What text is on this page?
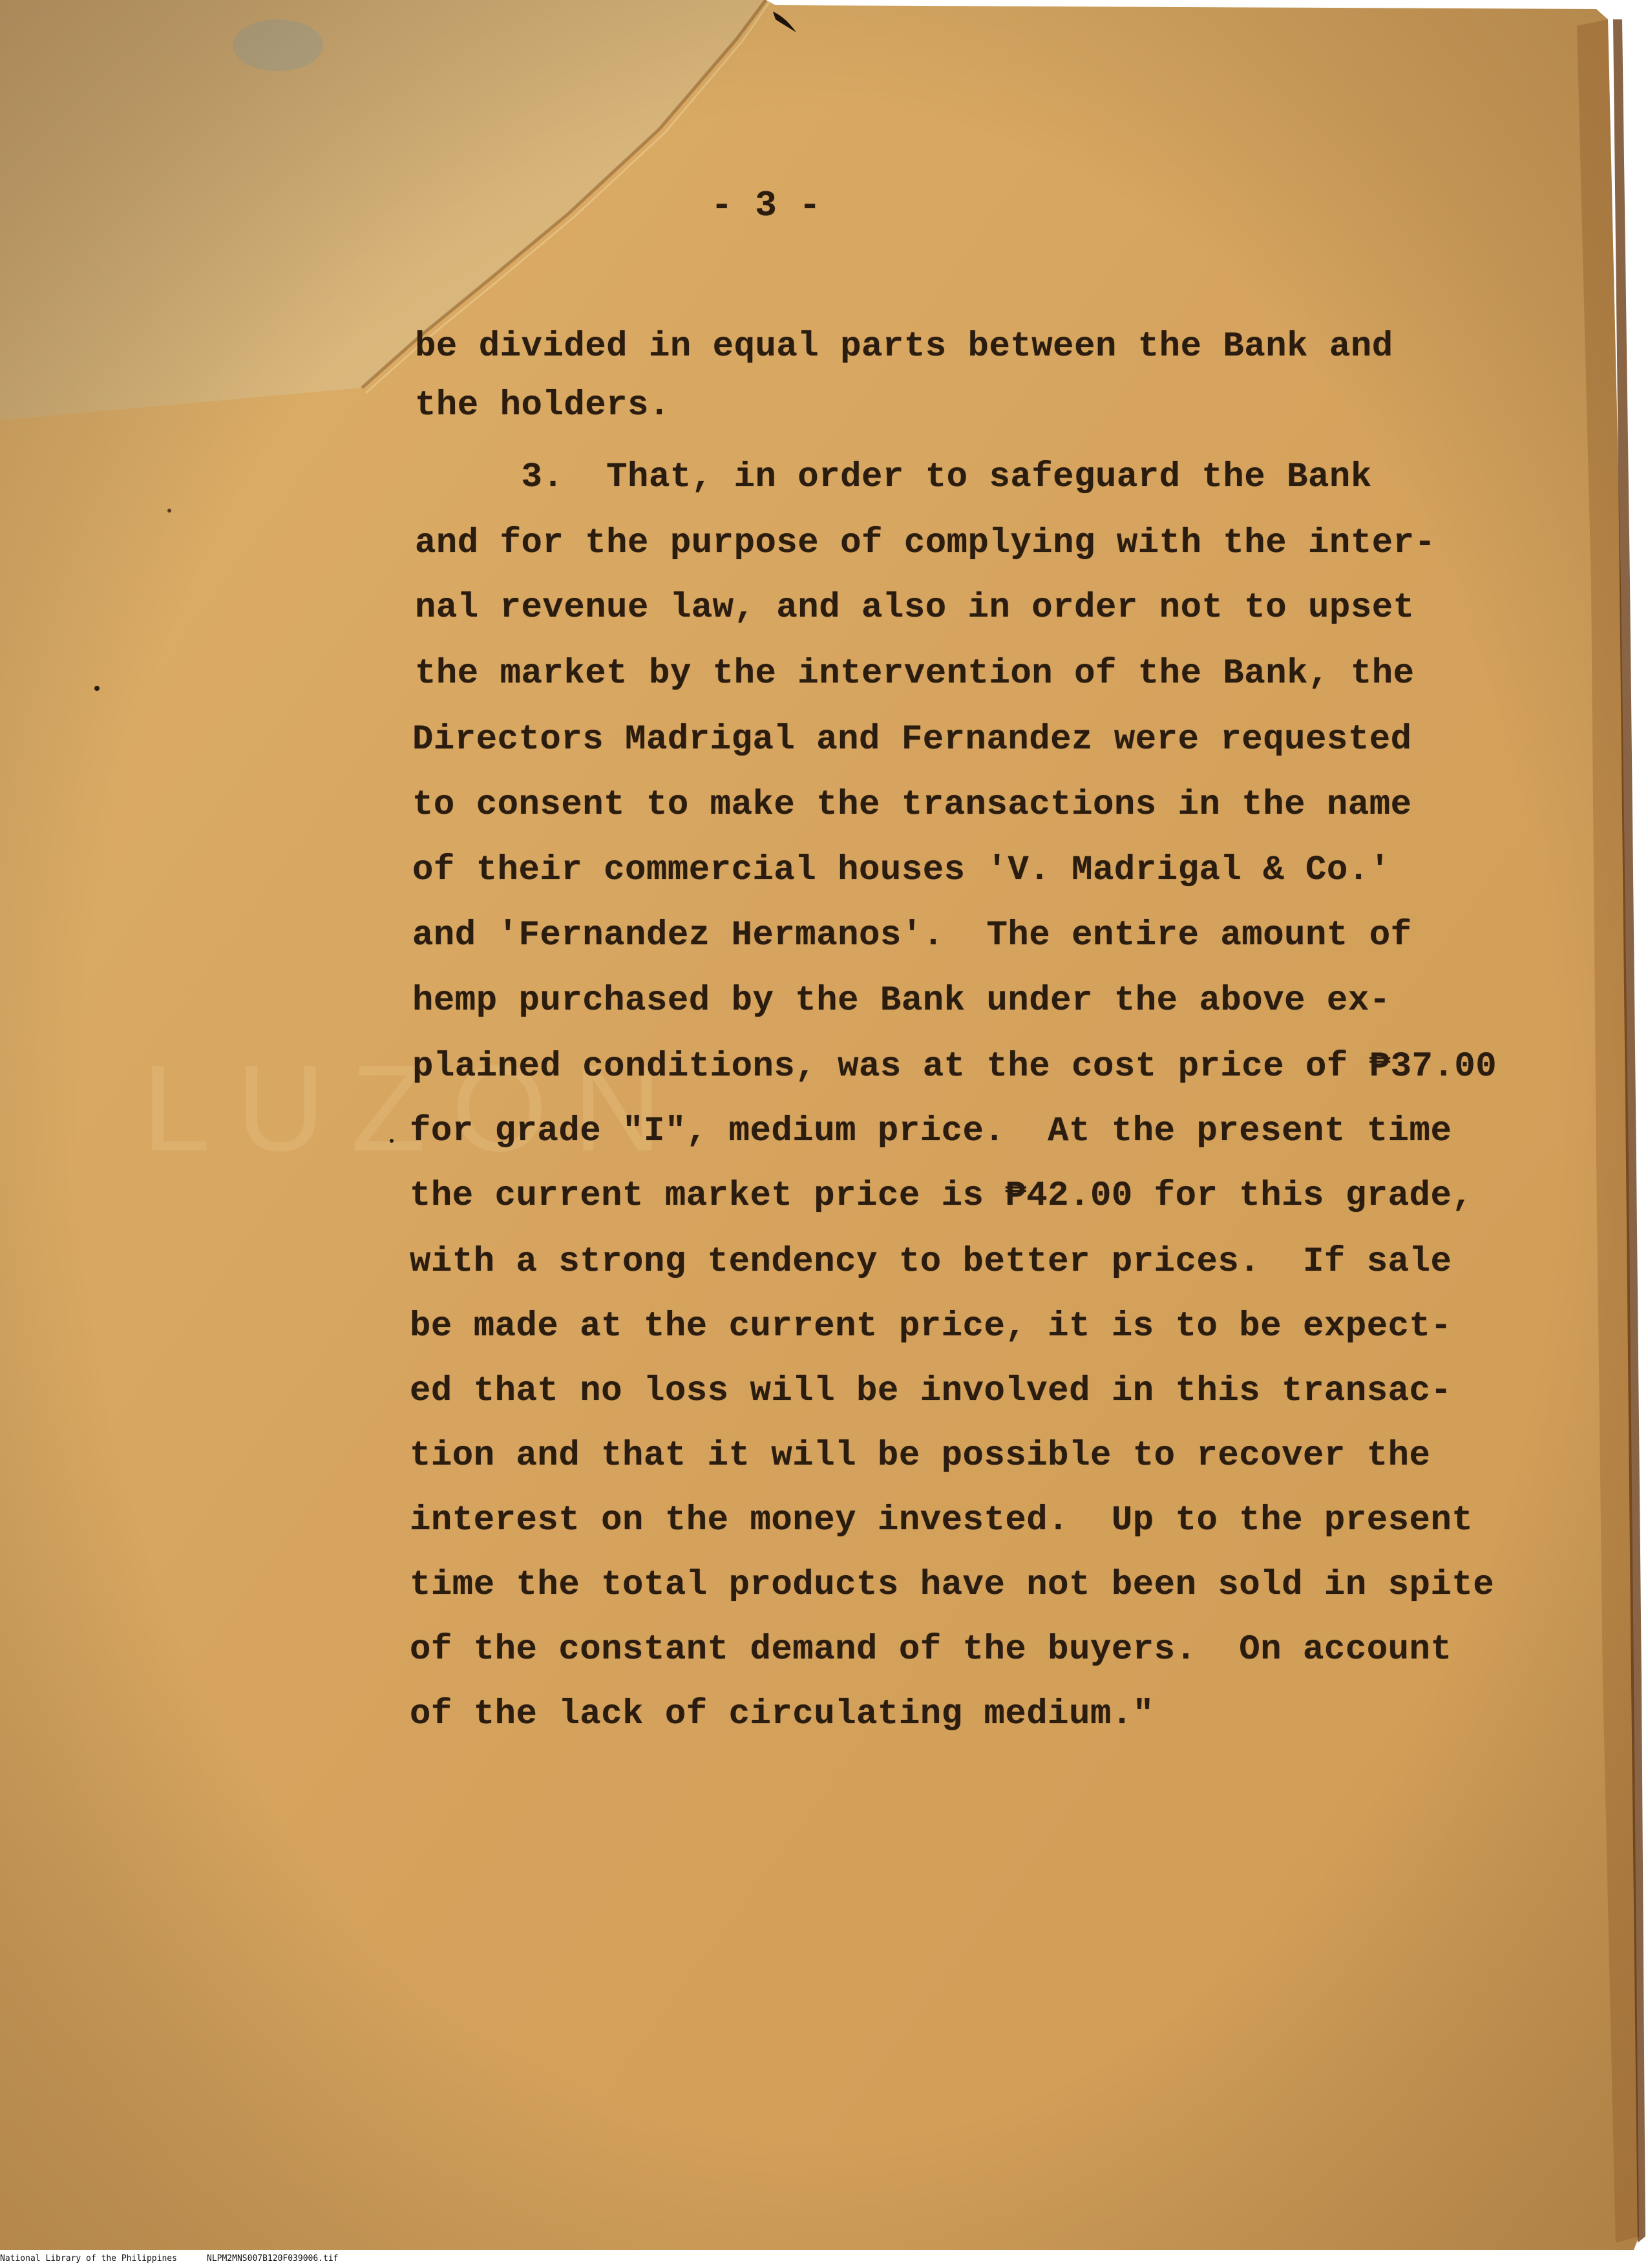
- 3 -

be divided in equal parts between the Bank and

the holders.

3.  That, in order to safeguard the Bank

and for the purpose of complying with the inter-

nal revenue law, and also in order not to upset

the market by the intervention of the Bank, the

Directors Madrigal and Fernandez were requested

to consent to make the transactions in the name

of their commercial houses 'V. Madrigal & Co.'

and 'Fernandez Hermanos'.  The entire amount of

hemp purchased by the Bank under the above ex-

plained conditions, was at the cost price of ₱37.00

for grade "I", medium price.  At the present time

the current market price is ₱42.00 for this grade,

with a strong tendency to better prices.  If sale

be made at the current price, it is to be expect-

ed that no loss will be involved in this transac-

tion and that it will be possible to recover the

interest on the money invested.  Up to the present

time the total products have not been sold in spite

of the constant demand of the buyers.  On account

of the lack of circulating medium."

National Library of the Philippines

	NLPM2MNS007B120F039006.tif
